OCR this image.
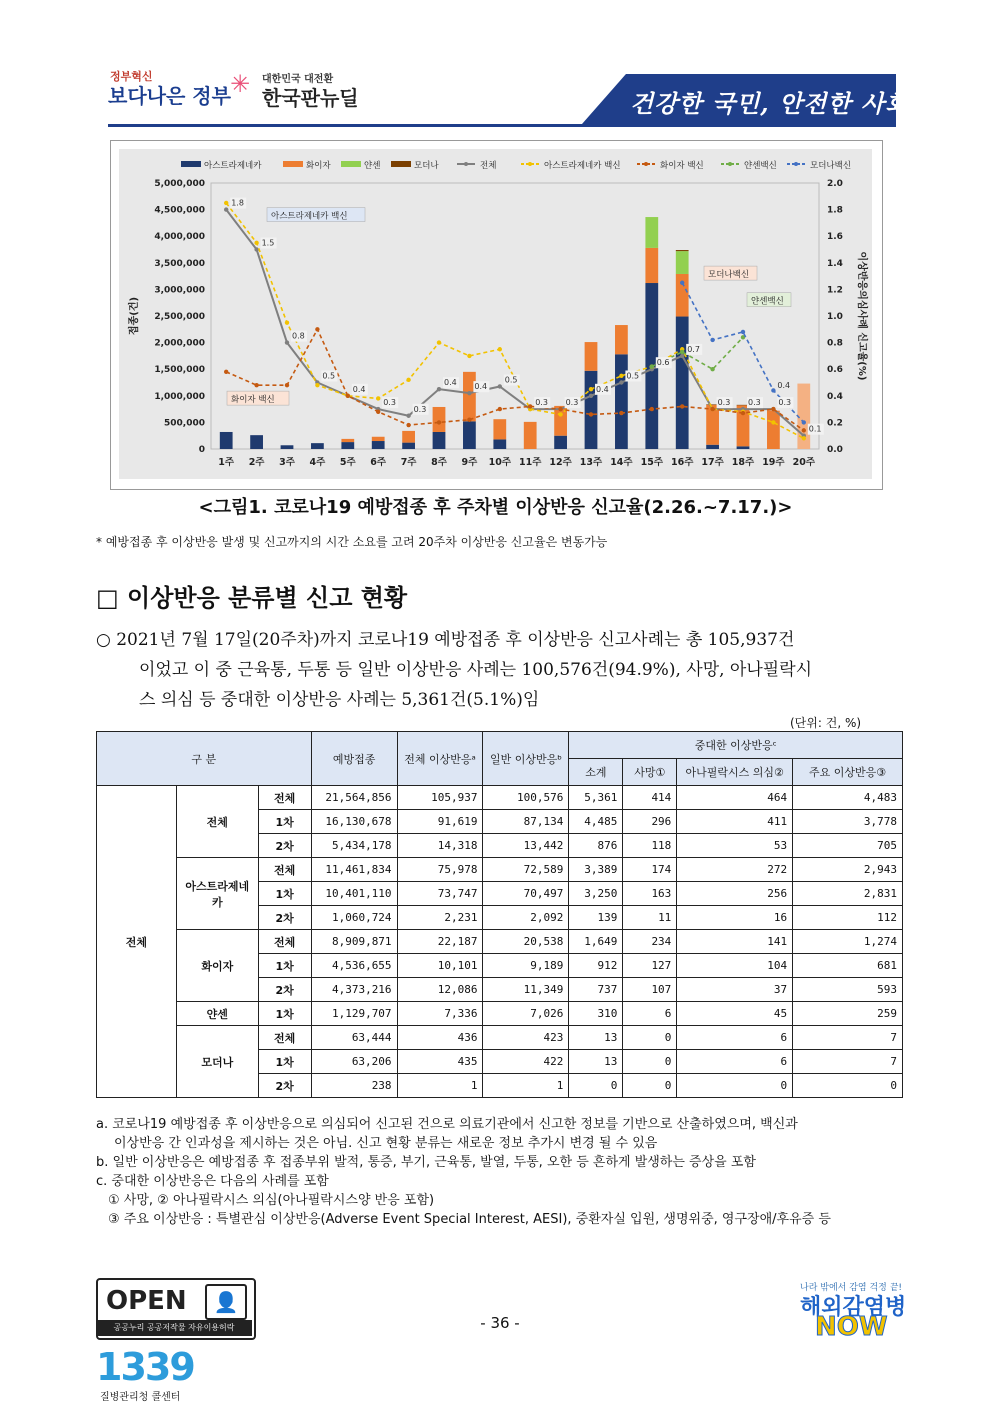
정부혁신
보다나은 정부 ✳ 대한민국 대전환
한국판뉴딜	건강한 국민, 안전한 사회
0
500,000
1,000,000
1,500,000
2,000,000
2,500,000
3,000,000
3,500,000
4,000,000
4,500,000
5,000,000
0.0
0.2
0.4
0.6
0.8
1.0
1.2
1.4
1.6
1.8
2.0
접종(건)	이상반응의심사례 신고율(%)
1주 2주 3주 4주 5주 6주 7주 8주 9주 10주 11주 12주 13주 14주 15주 16주 17주 18주 19주 20주
1.8
1.5
0.8
0.5
0.4
0.3
0.3
0.4 0.4
0.5
0.3 0.3
0.4
0.5
0.6
0.7
0.3 0.3 0.3
0.1
0.4
아스트라제네카 백신
화이자 백신
모더나백신
얀센백신
아스트라제네카	화이자	얀센	모더나	전체	아스트라제네카 백신	화이자 백신	얀센백신	모더나백신
<그림1. 코로나19 예방접종 후 주차별 이상반응 신고율(2.26.~7.17.)>
* 예방접종 후 이상반응 발생 및 신고까지의 시간 소요를 고려 20주차 이상반응 신고율은 변동가능
□ 이상반응 분류별 신고 현황
○ 2021년 7월 17일(20주차)까지 코로나19 예방접종 후 이상반응 신고사례는 총 105,937건
이었고 이 중 근육통, 두통 등 일반 이상반응 사례는 100,576건(94.9%), 사망, 아나필락시
스 의심 등 중대한 이상반응 사례는 5,361건(5.1%)임
(단위: 건, %)
구 분			예방접종	전체 이상반응ᵃ	일반 이상반응ᵇ	중대한 이상반응ᶜ			
						소계	사망①	아나필락시스 의심②	주요 이상반응③
전체	전체	전체	21,564,856	105,937	100,576	5,361	414	464	4,483
		1차	16,130,678	91,619	87,134	4,485	296	411	3,778
		2차	5,434,178	14,318	13,442	876	118	53	705
	아스트라제네카	전체	11,461,834	75,978	72,589	3,389	174	272	2,943
		1차	10,401,110	73,747	70,497	3,250	163	256	2,831
		2차	1,060,724	2,231	2,092	139	11	16	112
	화이자	전체	8,909,871	22,187	20,538	1,649	234	141	1,274
		1차	4,536,655	10,101	9,189	912	127	104	681
		2차	4,373,216	12,086	11,349	737	107	37	593
	얀센	1차	1,129,707	7,336	7,026	310	6	45	259
	모더나	전체	63,444	436	423	13	0	6	7
		1차	63,206	435	422	13	0	6	7
		2차	238	1	1	0	0	0	0
a. 코로나19 예방접종 후 이상반응으로 의심되어 신고된 건으로 의료기관에서 신고한 정보를 기반으로 산출하였으며, 백신과
이상반응 간 인과성을 제시하는 것은 아님. 신고 현황 분류는 새로운 정보 추가시 변경 될 수 있음
b. 일반 이상반응은 예방접종 후 접종부위 발적, 통증, 부기, 근육통, 발열, 두통, 오한 등 흔하게 발생하는 증상을 포함
c. 중대한 이상반응은 다음의 사례를 포함
① 사망, ② 아나필락시스 의심(아나필락시스양 반응 포함)
③ 주요 이상반응 : 특별관심 이상반응(Adverse Event Special Interest, AESI), 중환자실 입원, 생명위중, 영구장애/후유증 등
OPEN	👤
공공누리 공공저작물 자유이용허락	- 36 -
1339
질병관리청 콜센터
나라 밖에서 감염 걱정 끝!
해외감염병
NOW
